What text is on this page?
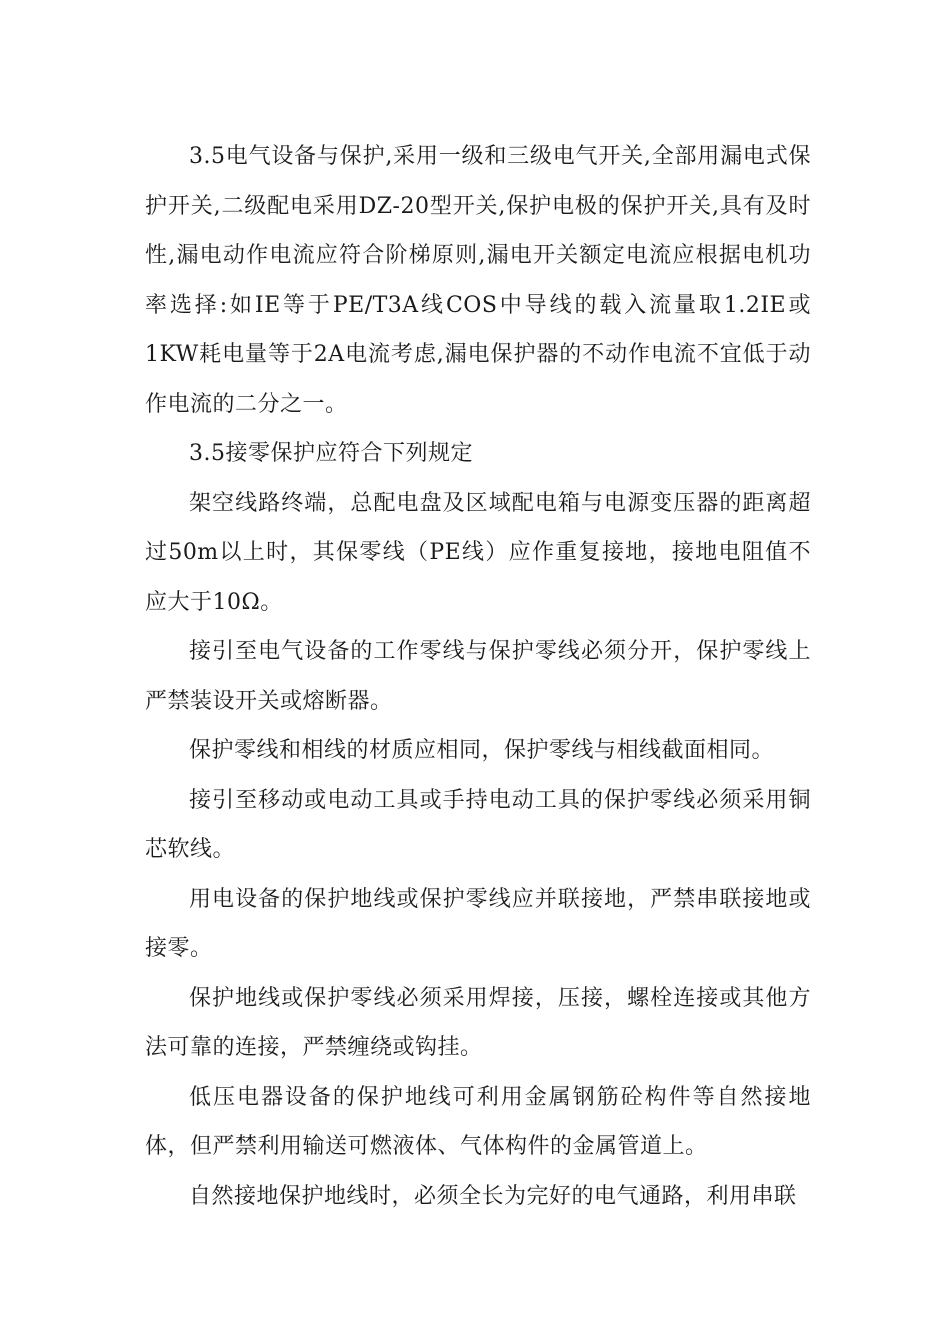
3.5电气设备与保护,采用一级和三级电气开关,全部用漏电式保护开关,二级配电采用DZ-20型开关,保护电极的保护开关,具有及时性,漏电动作电流应符合阶梯原则,漏电开关额定电流应根据电机功率选择:如IE等于PE/T3A线COS中导线的载入流量取1.2IE或1KW耗电量等于2A电流考虑,漏电保护器的不动作电流不宜低于动作电流的二分之一。

3.5接零保护应符合下列规定

架空线路终端，总配电盘及区域配电箱与电源变压器的距离超过50m以上时，其保零线（PE线）应作重复接地，接地电阻值不应大于10Ω。

接引至电气设备的工作零线与保护零线必须分开，保护零线上严禁装设开关或熔断器。

保护零线和相线的材质应相同，保护零线与相线截面相同。

接引至移动或电动工具或手持电动工具的保护零线必须采用铜芯软线。

用电设备的保护地线或保护零线应并联接地，严禁串联接地或接零。

保护地线或保护零线必须采用焊接，压接，螺栓连接或其他方法可靠的连接，严禁缠绕或钩挂。

低压电器设备的保护地线可利用金属钢筋砼构件等自然接地体，但严禁利用输送可燃液体、气体构件的金属管道上。

自然接地保护地线时，必须全长为完好的电气通路，利用串联
